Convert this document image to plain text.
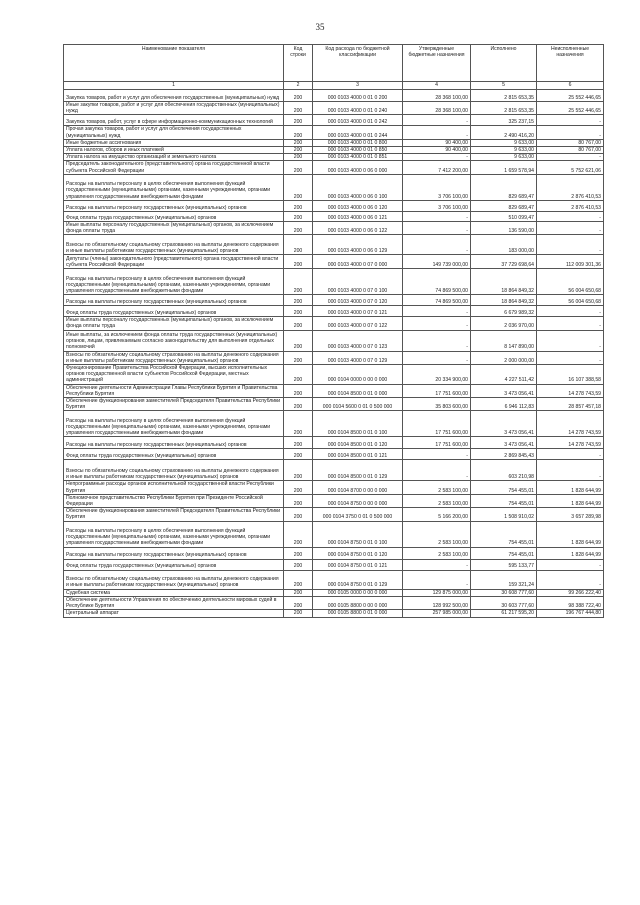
35
Наименование показателя	Код строки	Код расхода по бюджетной классификации	Утвержденные бюджетные назначения	Исполнено	Неисполненные назначения
1	2	3	4	5	6
Закупка товаров, работ и услуг для обеспечения государственных (муниципальных) нужд	200	000 0103 4000 0 01 0 200	28 368 100,00	2 815 653,35	25 552 446,65
Иные закупки товаров, работ и услуг для обеспечения государственных (муниципальных) нужд	200	000 0103 4000 0 01 0 240	28 368 100,00	2 815 653,35	25 552 446,65
Закупка товаров, работ, услуг в сфере информационно-коммуникационных технологий	200	000 0103 4000 0 01 0 242	-	325 237,15	-
Прочая закупка товаров, работ и услуг для обеспечения государственных (муниципальных) нужд	200	000 0103 4000 0 01 0 244	-	2 490 416,20	-
Иные бюджетные ассигнования	200	000 0103 4000 0 01 0 800	90 400,00	9 633,00	80 767,00
Уплата налогов, сборов и иных платежей	200	000 0103 4000 0 01 0 850	90 400,00	9 633,00	80 767,00
Уплата налога на имущество организаций и земельного налога	200	000 0103 4000 0 01 0 851	-	9 633,00	-
Председатель законодательного (представительного) органа государственной власти субъекта Российской Федерации	200	000 0103 4000 0 06 0 000	7 412 200,00	1 659 578,94	5 752 621,06
Расходы на выплаты персоналу в целях обеспечения выполнения функций государственными (муниципальными) органами, казенными учреждениями, органами управления государственными внебюджетными фондами	200	000 0103 4000 0 06 0 100	3 706 100,00	829 689,47	2 876 410,53
Расходы на выплаты персоналу государственных (муниципальных) органов	200	000 0103 4000 0 06 0 120	3 706 100,00	829 689,47	2 876 410,53
Фонд оплаты труда государственных (муниципальных) органов	200	000 0103 4000 0 06 0 121	-	510 099,47	-
Иные выплаты персоналу государственных (муниципальных) органов, за исключением фонда оплаты труда	200	000 0103 4000 0 06 0 122	-	136 590,00	-
Взносы по обязательному социальному страхованию на выплаты денежного содержания и иные выплаты работникам государственных (муниципальных) органов	200	000 0103 4000 0 06 0 129	-	183 000,00	-
Депутаты (члены) законодательного (представительного) органа государственной власти субъекта Российской Федерации	200	000 0103 4000 0 07 0 000	149 739 000,00	37 729 698,64	112 009 301,36
Расходы на выплаты персоналу в целях обеспечения выполнения функций государственными (муниципальными) органами, казенными учреждениями, органами управления государственными внебюджетными фондами	200	000 0103 4000 0 07 0 100	74 869 500,00	18 864 849,32	56 004 650,68
Расходы на выплаты персоналу государственных (муниципальных) органов	200	000 0103 4000 0 07 0 120	74 869 500,00	18 864 849,32	56 004 650,68
Фонд оплаты труда государственных (муниципальных) органов	200	000 0103 4000 0 07 0 121	-	6 679 989,32	-
Иные выплаты персоналу государственных (муниципальных) органов, за исключением фонда оплаты труда	200	000 0103 4000 0 07 0 122	-	2 036 970,00	-
Иные выплаты, за исключением фонда оплаты труда государственных (муниципальных) органов, лицам, привлекаемым согласно законодательству для выполнения отдельных полномочий	200	000 0103 4000 0 07 0 123	-	8 147 890,00	-
Взносы по обязательному социальному страхованию на выплаты денежного содержания и иные выплаты работникам государственных (муниципальных) органов	200	000 0103 4000 0 07 0 129	-	2 000 000,00	-
Функционирование Правительства Российской Федерации, высших исполнительных органов государственной власти субъектов Российской Федерации, местных администраций	200	000 0104 0000 0 00 0 000	20 334 900,00	4 227 511,42	16 107 388,58
Обеспечение деятельности Администрации Главы Республики Бурятия и Правительства Республики Бурятия	200	000 0104 8500 0 01 0 000	17 751 600,00	3 473 056,41	14 278 743,59
Обеспечение функционирования заместителей Председателя Правительства Республики Бурятия	200	000 0104 5600 0 01 0 500 000	35 803 600,00	6 946 112,83	28 857 457,18
Расходы на выплаты персоналу в целях обеспечения выполнения функций государственными (муниципальными) органами, казенными учреждениями, органами управления государственными внебюджетными фондами	200	000 0104 8500 0 01 0 100	17 751 600,00	3 473 056,41	14 278 743,59
Расходы на выплаты персоналу государственных (муниципальных) органов	200	000 0104 8500 0 01 0 120	17 751 600,00	3 473 056,41	14 278 743,59
Фонд оплаты труда государственных (муниципальных) органов	200	000 0104 8500 0 01 0 121	-	2 869 845,43	-
Взносы по обязательному социальному страхованию на выплаты денежного содержания и иные выплаты работникам государственных (муниципальных) органов	200	000 0104 8500 0 01 0 129	-	603 210,98	-
Непрограммные расходы органов исполнительной государственной власти Республики Бурятия	200	000 0104 8700 0 00 0 000	2 583 100,00	754 455,01	1 828 644,99
Полномочное представительство Республики Бурятия при Президенте Российской Федерации	200	000 0104 8750 0 00 0 000	2 583 100,00	754 455,01	1 828 644,99
Обеспечение функционирования заместителей Председателя Правительства Республики Бурятия	200	000 0104 3750 0 01 0 500 000	5 166 200,00	1 508 910,02	3 657 289,98
Расходы на выплаты персоналу в целях обеспечения выполнения функций государственными (муниципальными) органами, казенными учреждениями, органами управления государственными внебюджетными фондами	200	000 0104 8750 0 01 0 100	2 583 100,00	754 455,01	1 828 644,99
Расходы на выплаты персоналу государственных (муниципальных) органов	200	000 0104 8750 0 01 0 120	2 583 100,00	754 455,01	1 828 644,99
Фонд оплаты труда государственных (муниципальных) органов	200	000 0104 8750 0 01 0 121	-	595 133,77	-
Взносы по обязательному социальному страхованию на выплаты денежного содержания и иные выплаты работникам государственных (муниципальных) органов	200	000 0104 8750 0 01 0 129	-	159 321,24	-
Судебная система	200	000 0105 0000 0 00 0 000	129 875 000,00	30 608 777,60	99 266 222,40
Обеспечение деятельности Управления по обеспечению деятельности мировых судей в Республике Бурятия	200	000 0105 8800 0 00 0 000	128 992 500,00	30 603 777,60	98 388 722,40
Центральный аппарат	200	000 0105 8800 0 01 0 000	257 985 000,00	61 217 595,20	196 767 444,80
